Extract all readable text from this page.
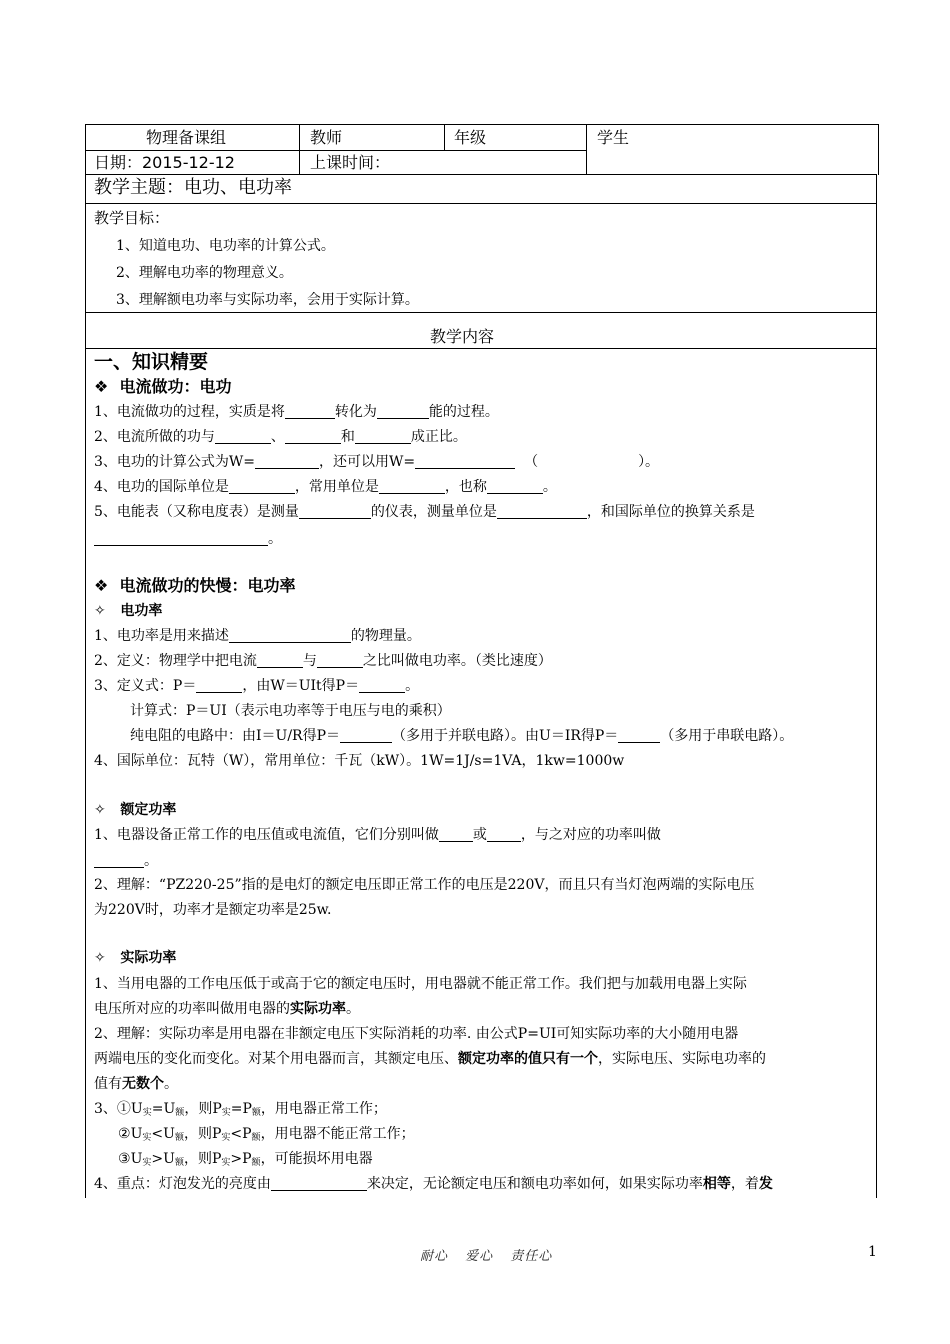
物理备课组	教师	年级	学生
日期：2015-12-12	上课时间：
教学主题：电功、电功率
教学目标：
1、知道电功、电功率的计算公式。
2、理解电功率的物理意义。
3、理解额电功率与实际功率，会用于实际计算。
教学内容
一、知识精要
❖ 电流做功：电功
1、电流做功的过程，实质是将	转化为	能的过程。
2、电流所做的功与	、	和	成正比。
3、电功的计算公式为W=	，还可以用W=	（	）。
4、电功的国际单位是	，常用单位是	，也称	。
5、电能表（又称电度表）是测量	的仪表，测量单位是	，和国际单位的换算关系是
。
❖ 电流做功的快慢：电功率
✧ 电功率
1、电功率是用来描述	的物理量。
2、定义：物理学中把电流	与	之比叫做电功率。（类比速度）
3、定义式：P＝	，由W＝UIt得P＝	。
计算式：P＝UI（表示电功率等于电压与电的乘积）
纯电阻的电路中：由I＝U/R得P＝	（多用于并联电路）。由U＝IR得P＝	（多用于串联电路）。
4、国际单位：瓦特（W），常用单位：千瓦（kW）。1W=1J/s=1VA，1kw=1000w
✧ 额定功率
1、电器设备正常工作的电压值或电流值，它们分别叫做 或 ，与之对应的功率叫做
。
2、理解：“PZ220-25”指的是电灯的额定电压即正常工作的电压是220V，而且只有当灯泡两端的实际电压
为220V时，功率才是额定功率是25w.
✧ 实际功率
1、当用电器的工作电压低于或高于它的额定电压时，用电器就不能正常工作。我们把与加载用电器上实际
电压所对应的功率叫做用电器的实际功率。
2、理解：实际功率是用电器在非额定电压下实际消耗的功率. 由公式P=UI可知实际功率的大小随用电器
两端电压的变化而变化。对某个用电器而言，其额定电压、额定功率的值只有一个，实际电压、实际电功率的
值有无数个。
3、$①U_实=U_额$，则$P_实=P_额$，用电器正常工作；
$②U_实<U_额$，则$P_实<P_额$，用电器不能正常工作；
$③U_实>U_额$，则$P_实>P_额$，可能损坏用电器
4、重点：灯泡发光的亮度由	来决定，无论额定电压和额电功率如何，如果实际功率相等，着发
耐心 爱心 责任心	1
